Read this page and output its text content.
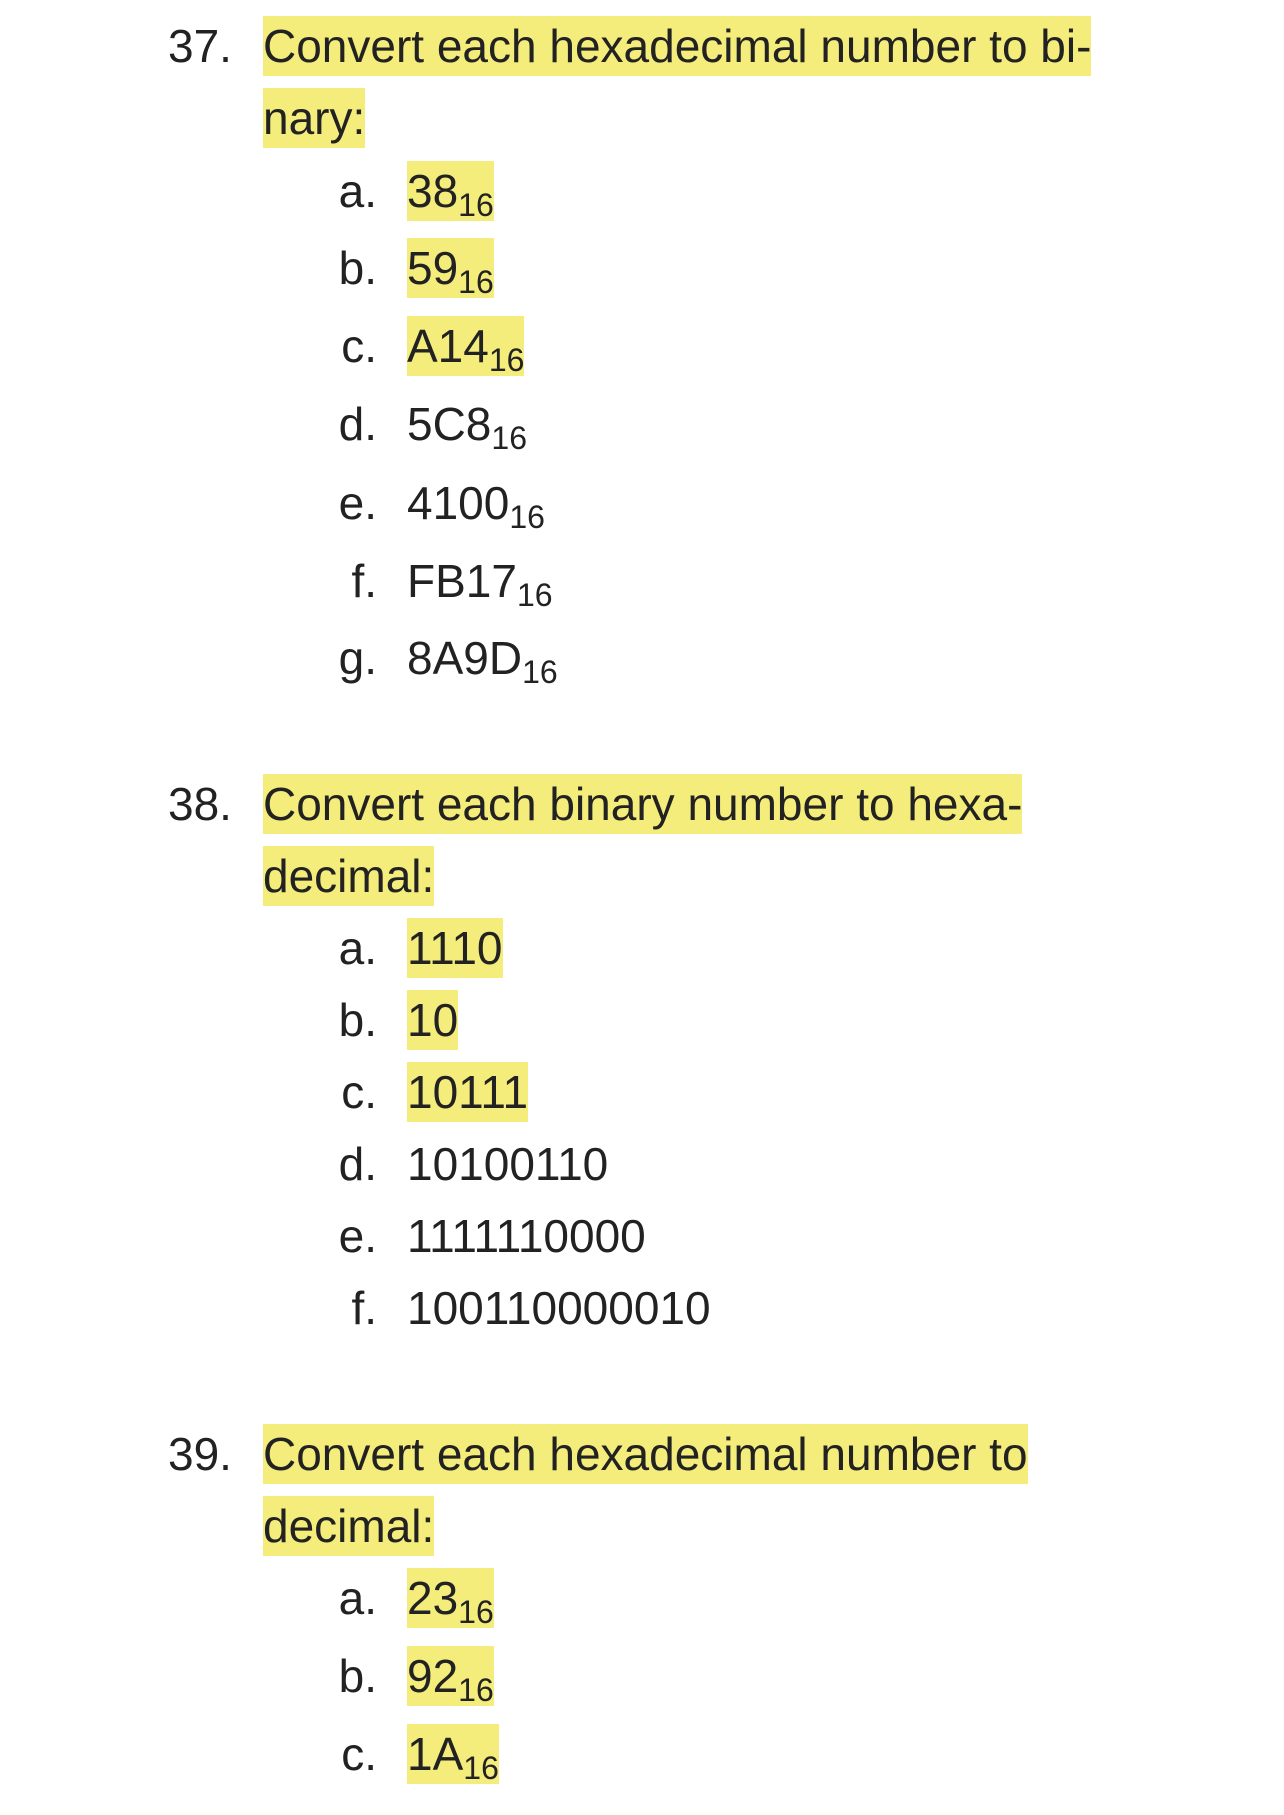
37. Convert each hexadecimal number to bi-
nary:
a. $38_{16}$
b. $59_{16}$
c. $A14_{16}$
d. $5C8_{16}$
e. $4100_{16}$
f. $FB17_{16}$
g. $8A9D_{16}$
38. Convert each binary number to hexa-
decimal:
a. 1110
b. 10
c. 10111
d. 10100110
e. 1111110000
f. 100110000010
39. Convert each hexadecimal number to
decimal:
a. $23_{16}$
b. $92_{16}$
c. $1A_{16}$
